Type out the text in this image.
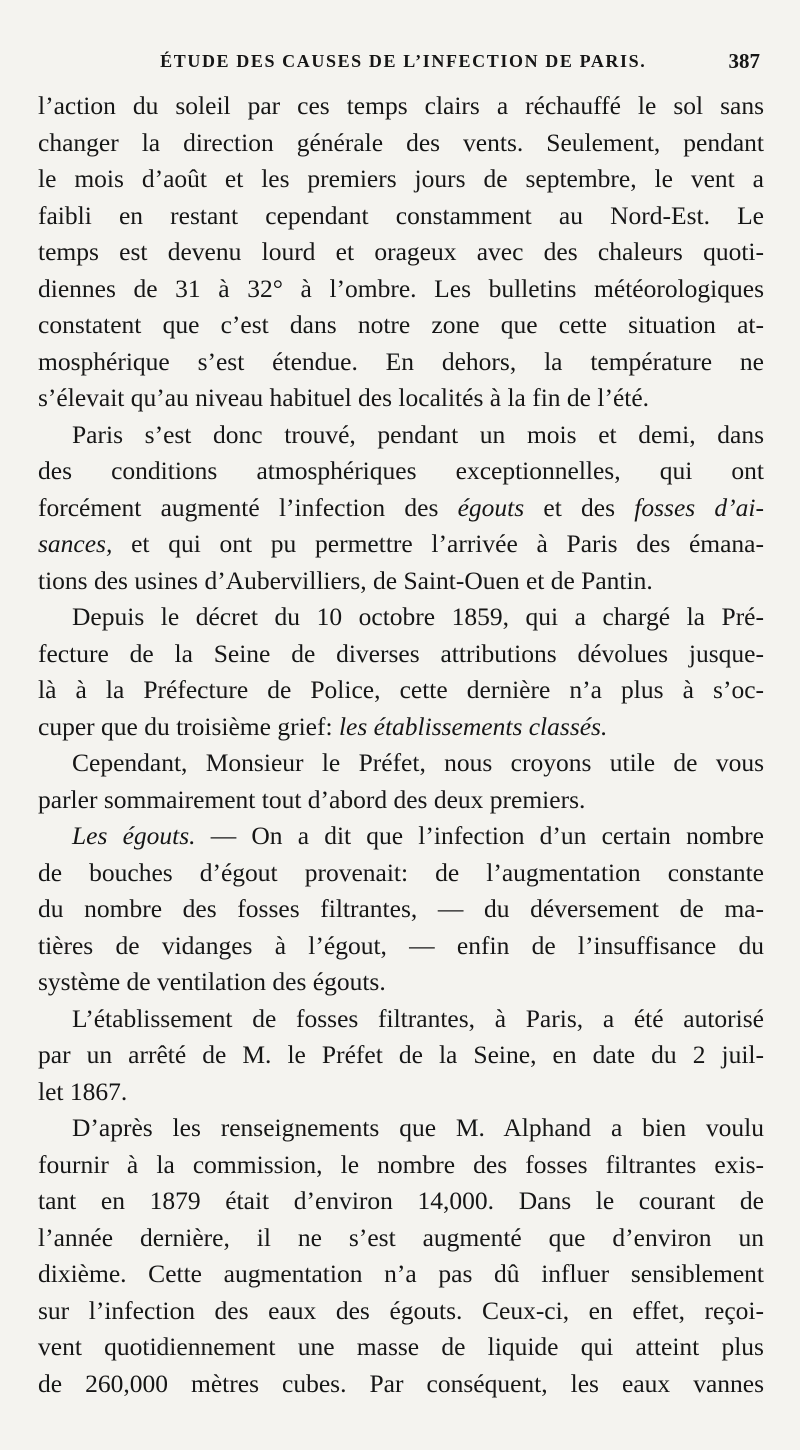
ÉTUDE DES CAUSES DE L’INFECTION DE PARIS.	387
l’action du soleil par ces temps clairs a réchauffé le sol sans
changer la direction générale des vents. Seulement, pendant
le mois d’août et les premiers jours de septembre, le vent a
faibli en restant cependant constamment au Nord-Est. Le
temps est devenu lourd et orageux avec des chaleurs quoti-
diennes de 31 à 32° à l’ombre. Les bulletins météorologiques
constatent que c’est dans notre zone que cette situation at-
mosphérique s’est étendue. En dehors, la température ne
s’élevait qu’au niveau habituel des localités à la fin de l’été.
Paris s’est donc trouvé, pendant un mois et demi, dans
des conditions atmosphériques exceptionnelles, qui ont
forcément augmenté l’infection des égouts et des fosses d’ai-
sances, et qui ont pu permettre l’arrivée à Paris des émana-
tions des usines d’Aubervilliers, de Saint-Ouen et de Pantin.
Depuis le décret du 10 octobre 1859, qui a chargé la Pré-
fecture de la Seine de diverses attributions dévolues jusque-
là à la Préfecture de Police, cette dernière n’a plus à s’oc-
cuper que du troisième grief: les établissements classés.
Cependant, Monsieur le Préfet, nous croyons utile de vous
parler sommairement tout d’abord des deux premiers.
Les égouts. — On a dit que l’infection d’un certain nombre
de bouches d’égout provenait: de l’augmentation constante
du nombre des fosses filtrantes, — du déversement de ma-
tières de vidanges à l’égout, — enfin de l’insuffisance du
système de ventilation des égouts.
L’établissement de fosses filtrantes, à Paris, a été autorisé
par un arrêté de M. le Préfet de la Seine, en date du 2 juil-
let 1867.
D’après les renseignements que M. Alphand a bien voulu
fournir à la commission, le nombre des fosses filtrantes exis-
tant en 1879 était d’environ 14,000. Dans le courant de
l’année dernière, il ne s’est augmenté que d’environ un
dixième. Cette augmentation n’a pas dû influer sensiblement
sur l’infection des eaux des égouts. Ceux-ci, en effet, reçoi-
vent quotidiennement une masse de liquide qui atteint plus
de 260,000 mètres cubes. Par conséquent, les eaux vannes
